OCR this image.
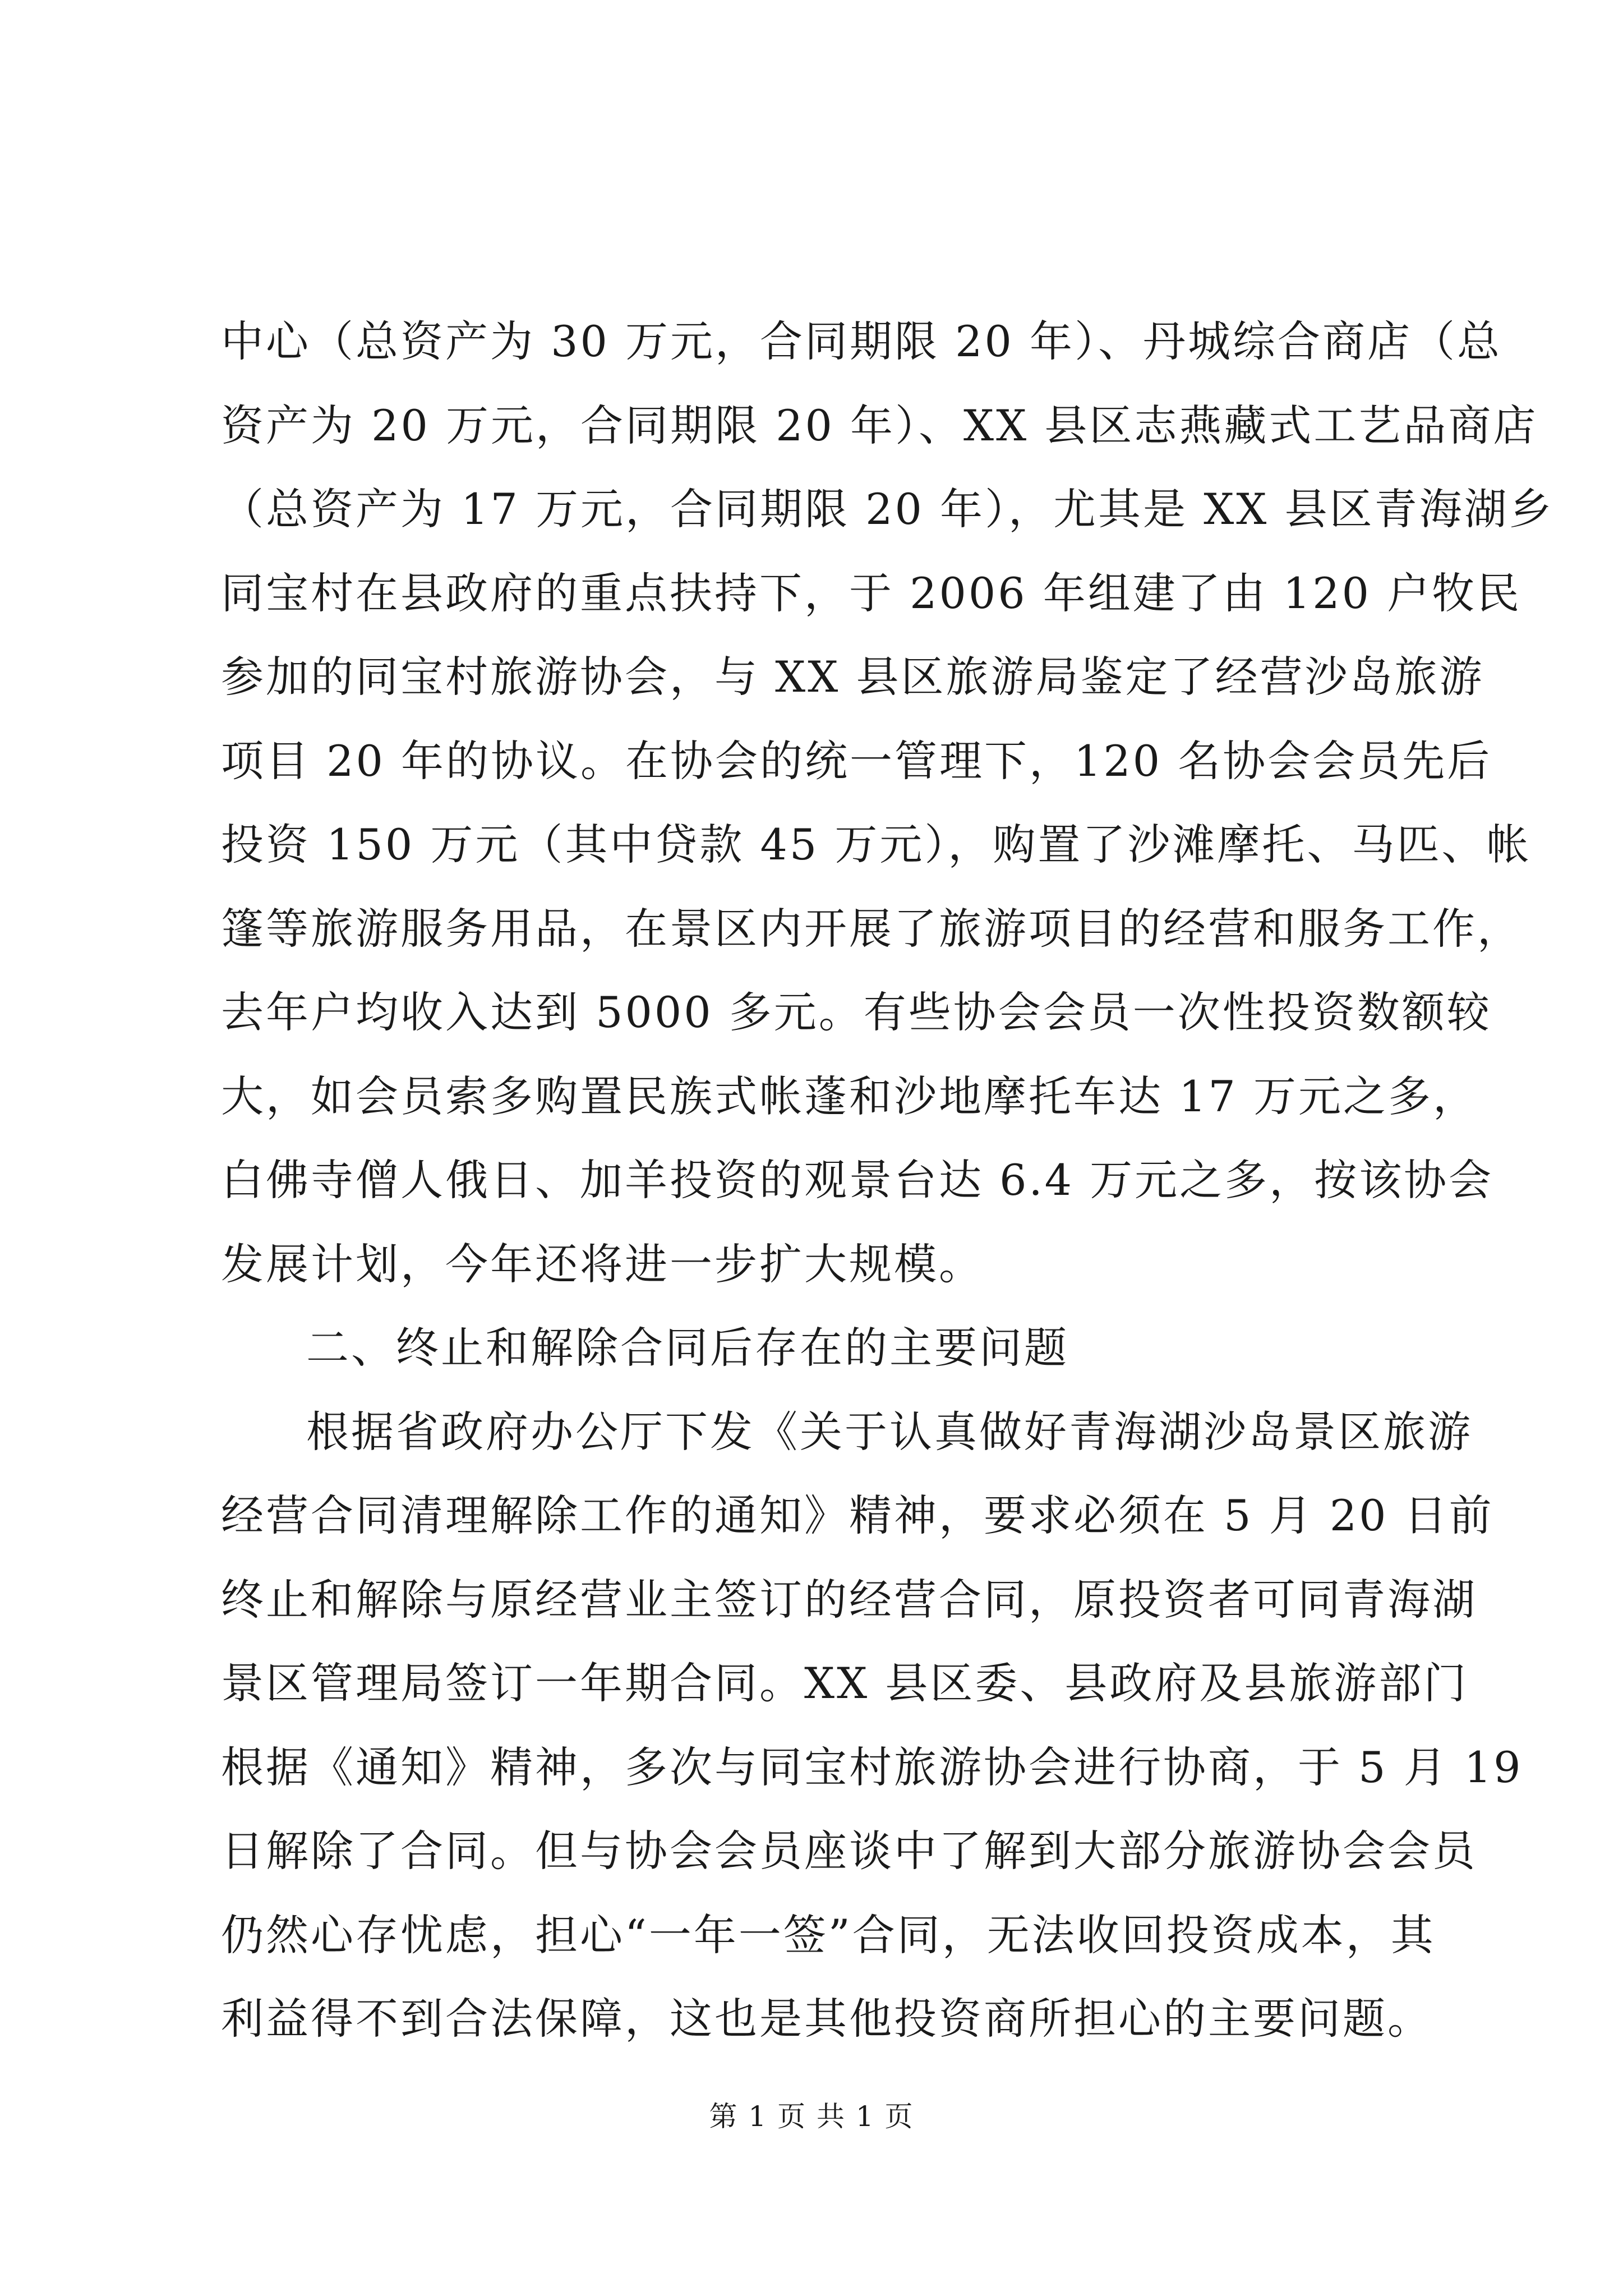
中心（总资产为 30 万元，合同期限 20 年）、丹城综合商店（总
资产为 20 万元，合同期限 20 年）、XX 县区志燕藏式工艺品商店
（总资产为 17 万元，合同期限 20 年），尤其是 XX 县区青海湖乡
同宝村在县政府的重点扶持下，于 2006 年组建了由 120 户牧民
参加的同宝村旅游协会，与 XX 县区旅游局鉴定了经营沙岛旅游
项目 20 年的协议。在协会的统一管理下，120 名协会会员先后
投资 150 万元（其中贷款 45 万元），购置了沙滩摩托、马匹、帐
篷等旅游服务用品，在景区内开展了旅游项目的经营和服务工作，
去年户均收入达到 5000 多元。有些协会会员一次性投资数额较
大，如会员索多购置民族式帐蓬和沙地摩托车达 17 万元之多，
白佛寺僧人俄日、加羊投资的观景台达 6.4 万元之多，按该协会
发展计划，今年还将进一步扩大规模。
二、终止和解除合同后存在的主要问题
根据省政府办公厅下发《关于认真做好青海湖沙岛景区旅游
经营合同清理解除工作的通知》精神，要求必须在 5 月 20 日前
终止和解除与原经营业主签订的经营合同，原投资者可同青海湖
景区管理局签订一年期合同。XX 县区委、县政府及县旅游部门
根据《通知》精神，多次与同宝村旅游协会进行协商，于 5 月 19
日解除了合同。但与协会会员座谈中了解到大部分旅游协会会员
仍然心存忧虑，担心“一年一签”合同，无法收回投资成本，其
利益得不到合法保障，这也是其他投资商所担心的主要问题。
第 1 页 共 1 页
